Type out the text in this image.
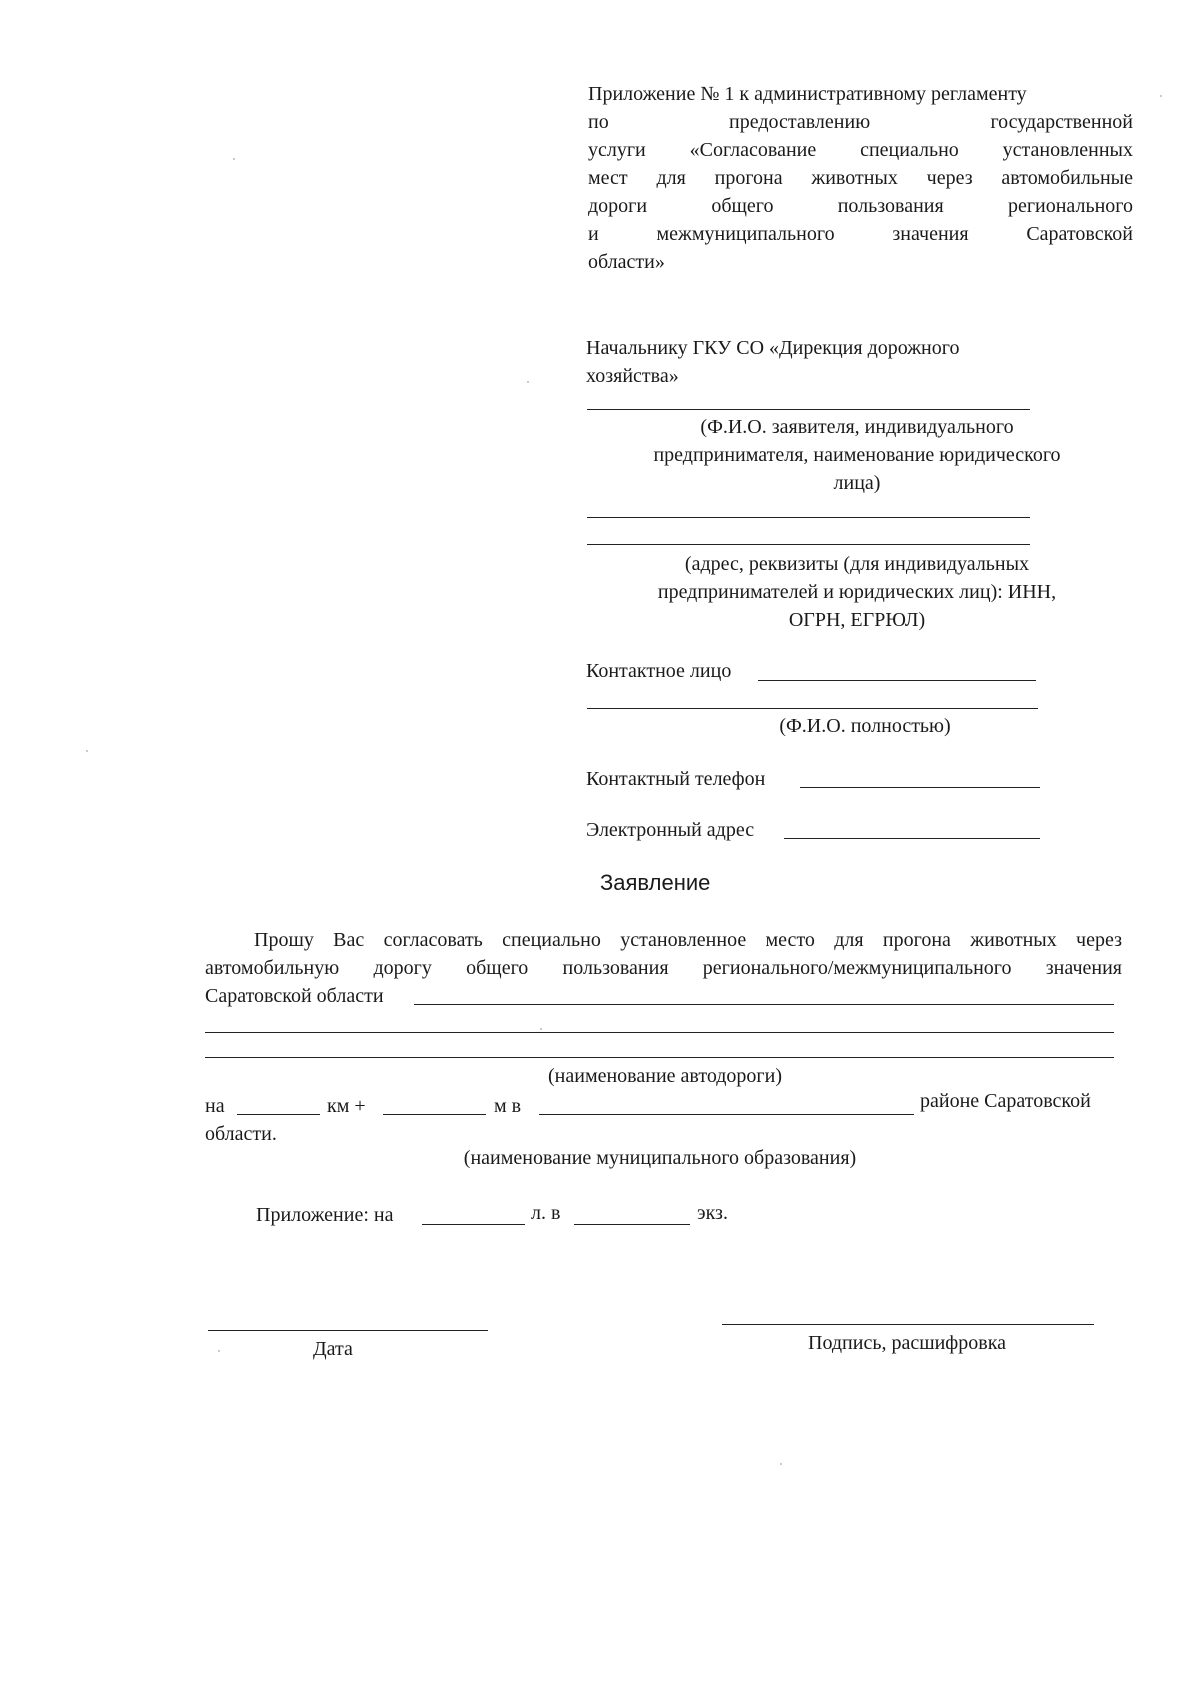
Приложение № 1 к административному регламенту
по предоставлению государственной
услуги «Согласование специально установленных
мест для прогона животных через автомобильные
дороги общего пользования регионального
и межмуниципального значения Саратовской
области»
Начальнику ГКУ СО «Дирекция дорожного
хозяйства»
(Ф.И.О. заявителя, индивидуального
предпринимателя, наименование юридического
лица)
(адрес, реквизиты (для индивидуальных
предпринимателей и юридических лиц): ИНН,
ОГРН, ЕГРЮЛ)
Контактное лицо
(Ф.И.О. полностью)
Контактный телефон
Электронный адрес
Заявление
Прошу Вас согласовать специально установленное место для прогона животных через
автомобильную дорогу общего пользования регионального/межмуниципального значения
Саратовской области
(наименование автодороги)
на	км +	м в	районе Саратовской
области.
(наименование муниципального образования)
Приложение: на	л. в	экз.
Дата	Подпись, расшифровка
